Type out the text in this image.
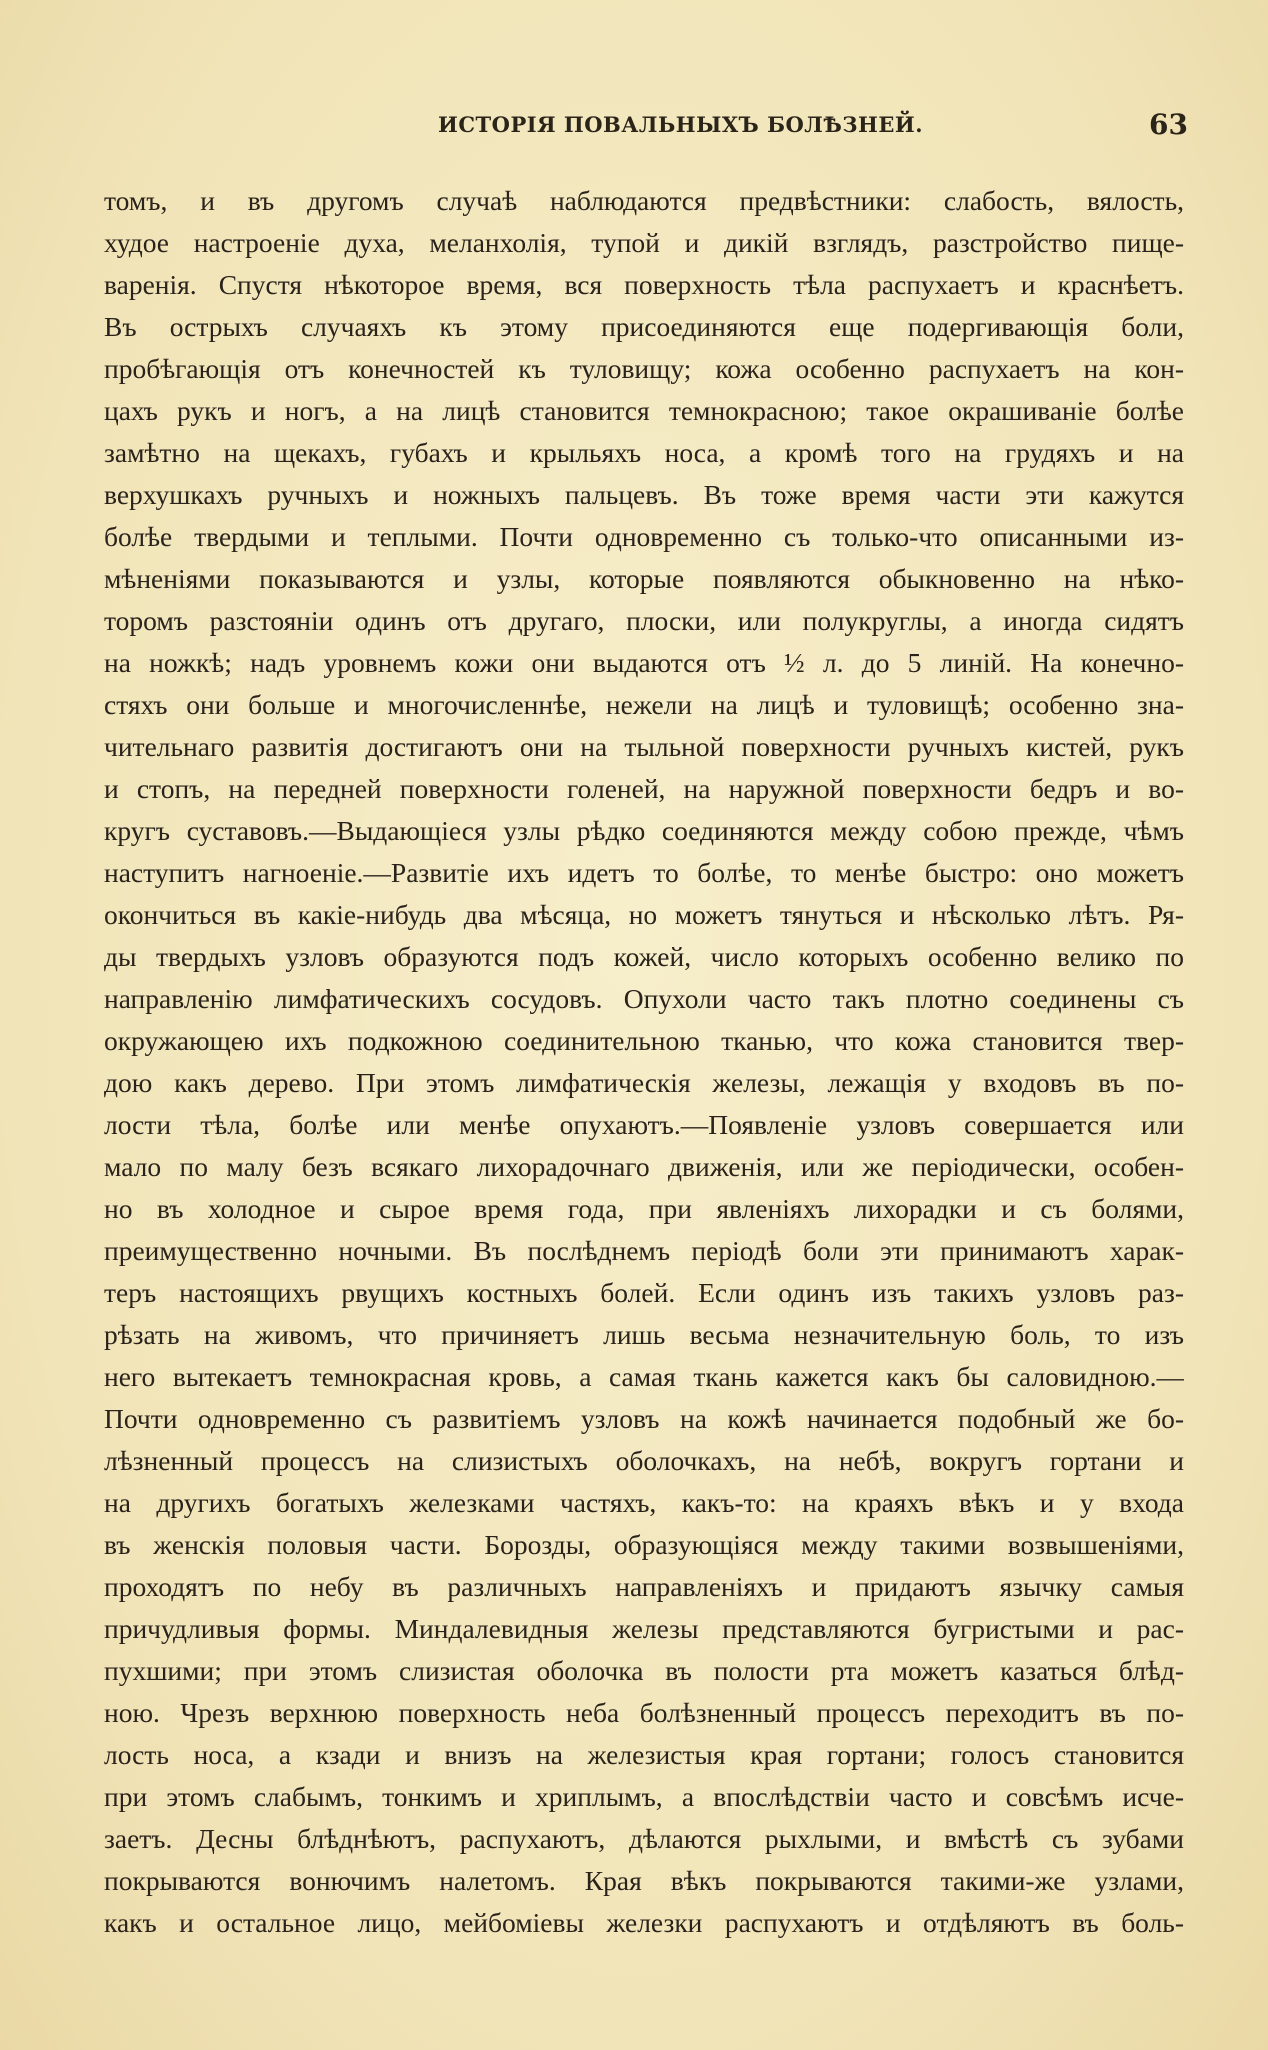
ИСТОРІЯ ПОВАЛЬНЫХЪ БОЛѢЗНЕЙ.	63
томъ, и въ другомъ случаѣ наблюдаются предвѣстники: слабость, вялость,
худое настроеніе духа, меланхолія, тупой и дикій взглядъ, разстройство пище-
варенія. Спустя нѣкоторое время, вся поверхность тѣла распухаетъ и краснѣетъ.
Въ острыхъ случаяхъ къ этому присоединяются еще подергивающія боли,
пробѣгающія отъ конечностей къ туловищу; кожа особенно распухаетъ на кон-
цахъ рукъ и ногъ, а на лицѣ становится темнокрасною; такое окрашиваніе болѣе
замѣтно на щекахъ, губахъ и крыльяхъ носа, а кромѣ того на грудяхъ и на
верхушкахъ ручныхъ и ножныхъ пальцевъ. Въ тоже время части эти кажутся
болѣе твердыми и теплыми. Почти одновременно съ только-что описанными из-
мѣненіями показываются и узлы, которые появляются обыкновенно на нѣко-
торомъ разстояніи одинъ отъ другаго, плоски, или полукруглы, а иногда сидятъ
на ножкѣ; надъ уровнемъ кожи они выдаются отъ ½ л. до 5 линій. На конечно-
стяхъ они больше и многочисленнѣе, нежели на лицѣ и туловищѣ; особенно зна-
чительнаго развитія достигаютъ они на тыльной поверхности ручныхъ кистей, рукъ
и стопъ, на передней поверхности голеней, на наружной поверхности бедръ и во-
кругъ суставовъ.—Выдающіеся узлы рѣдко соединяются между собою прежде, чѣмъ
наступитъ нагноеніе.—Развитіе ихъ идетъ то болѣе, то менѣе быстро: оно можетъ
окончиться въ какіе-нибудь два мѣсяца, но можетъ тянуться и нѣсколько лѣтъ. Ря-
ды твердыхъ узловъ образуются подъ кожей, число которыхъ особенно велико по
направленію лимфатическихъ сосудовъ. Опухоли часто такъ плотно соединены съ
окружающею ихъ подкожною соединительною тканью, что кожа становится твер-
дою какъ дерево. При этомъ лимфатическія железы, лежащія у входовъ въ по-
лости тѣла, болѣе или менѣе опухаютъ.—Появленіе узловъ совершается или
мало по малу безъ всякаго лихорадочнаго движенія, или же періодически, особен-
но въ холодное и сырое время года, при явленіяхъ лихорадки и съ болями,
преимущественно ночными. Въ послѣднемъ періодѣ боли эти принимаютъ харак-
теръ настоящихъ рвущихъ костныхъ болей. Если одинъ изъ такихъ узловъ раз-
рѣзать на живомъ, что причиняетъ лишь весьма незначительную боль, то изъ
него вытекаетъ темнокрасная кровь, а самая ткань кажется какъ бы саловидною.—
Почти одновременно съ развитіемъ узловъ на кожѣ начинается подобный же бо-
лѣзненный процессъ на слизистыхъ оболочкахъ, на небѣ, вокругъ гортани и
на другихъ богатыхъ железками частяхъ, какъ-то: на краяхъ вѣкъ и у входа
въ женскія половыя части. Борозды, образующіяся между такими возвышеніями,
проходятъ по небу въ различныхъ направленіяхъ и придаютъ язычку самыя
причудливыя формы. Миндалевидныя железы представляются бугристыми и рас-
пухшими; при этомъ слизистая оболочка въ полости рта можетъ казаться блѣд-
ною. Чрезъ верхнюю поверхность неба болѣзненный процессъ переходитъ въ по-
лость носа, а кзади и внизъ на железистыя края гортани; голосъ становится
при этомъ слабымъ, тонкимъ и хриплымъ, а впослѣдствіи часто и совсѣмъ исче-
заетъ. Десны блѣднѣютъ, распухаютъ, дѣлаются рыхлыми, и вмѣстѣ съ зубами
покрываются вонючимъ налетомъ. Края вѣкъ покрываются такими-же узлами,
какъ и остальное лицо, мейбоміевы железки распухаютъ и отдѣляютъ въ боль-
